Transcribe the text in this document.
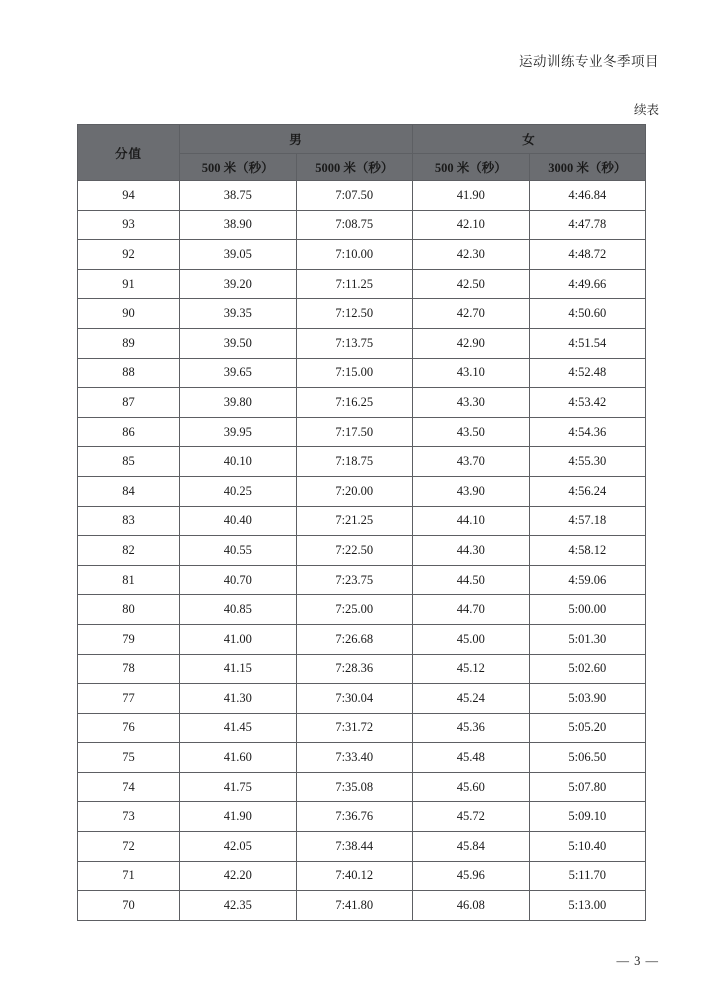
运动训练专业冬季项目
续表
分值	男		女	
	500 米（秒）	5000 米（秒）	500 米（秒）	3000 米（秒）
94	38.75	7:07.50	41.90	4:46.84
93	38.90	7:08.75	42.10	4:47.78
92	39.05	7:10.00	42.30	4:48.72
91	39.20	7:11.25	42.50	4:49.66
90	39.35	7:12.50	42.70	4:50.60
89	39.50	7:13.75	42.90	4:51.54
88	39.65	7:15.00	43.10	4:52.48
87	39.80	7:16.25	43.30	4:53.42
86	39.95	7:17.50	43.50	4:54.36
85	40.10	7:18.75	43.70	4:55.30
84	40.25	7:20.00	43.90	4:56.24
83	40.40	7:21.25	44.10	4:57.18
82	40.55	7:22.50	44.30	4:58.12
81	40.70	7:23.75	44.50	4:59.06
80	40.85	7:25.00	44.70	5:00.00
79	41.00	7:26.68	45.00	5:01.30
78	41.15	7:28.36	45.12	5:02.60
77	41.30	7:30.04	45.24	5:03.90
76	41.45	7:31.72	45.36	5:05.20
75	41.60	7:33.40	45.48	5:06.50
74	41.75	7:35.08	45.60	5:07.80
73	41.90	7:36.76	45.72	5:09.10
72	42.05	7:38.44	45.84	5:10.40
71	42.20	7:40.12	45.96	5:11.70
70	42.35	7:41.80	46.08	5:13.00
— 3 —
